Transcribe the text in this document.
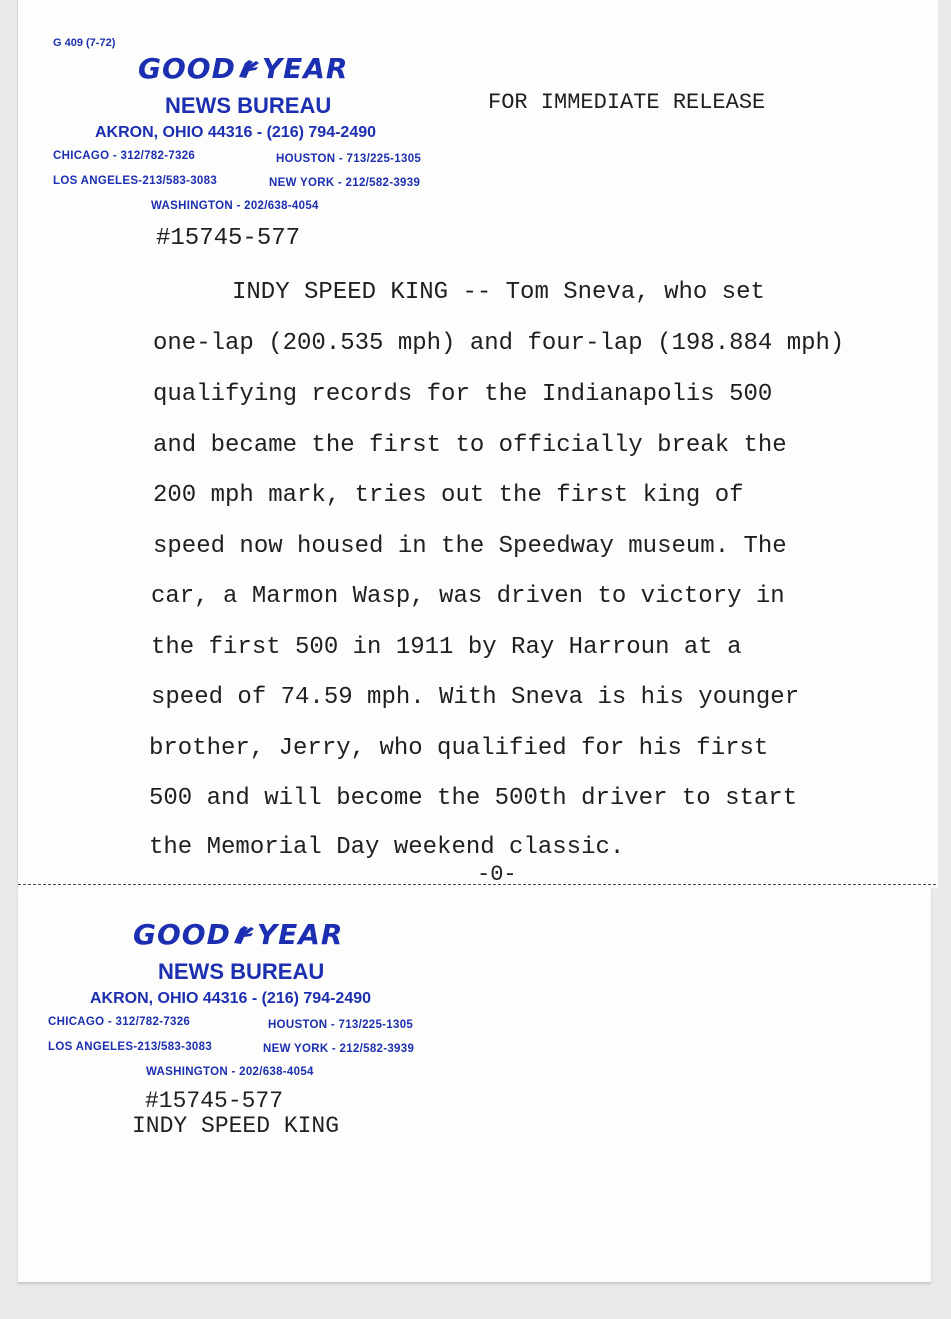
G 409 (7-72)
GOOD YEAR
NEWS BUREAU
AKRON, OHIO 44316 - (216) 794-2490
CHICAGO - 312/782-7326	HOUSTON - 713/225-1305
LOS ANGELES-213/583-3083	NEW YORK - 212/582-3939
WASHINGTON - 202/638-4054
FOR IMMEDIATE RELEASE
#15745-577
INDY SPEED KING -- Tom Sneva, who set
one-lap (200.535 mph) and four-lap (198.884 mph)
qualifying records for the Indianapolis 500
and became the first to officially break the
200 mph mark, tries out the first king of
speed now housed in the Speedway museum. The
car, a Marmon Wasp, was driven to victory in
the first 500 in 1911 by Ray Harroun at a
speed of 74.59 mph. With Sneva is his younger
brother, Jerry, who qualified for his first
500 and will become the 500th driver to start
the Memorial Day weekend classic.
-0-
GOOD YEAR
NEWS BUREAU
AKRON, OHIO 44316 - (216) 794-2490
CHICAGO - 312/782-7326	HOUSTON - 713/225-1305
LOS ANGELES-213/583-3083	NEW YORK - 212/582-3939
WASHINGTON - 202/638-4054
#15745-577
INDY SPEED KING
